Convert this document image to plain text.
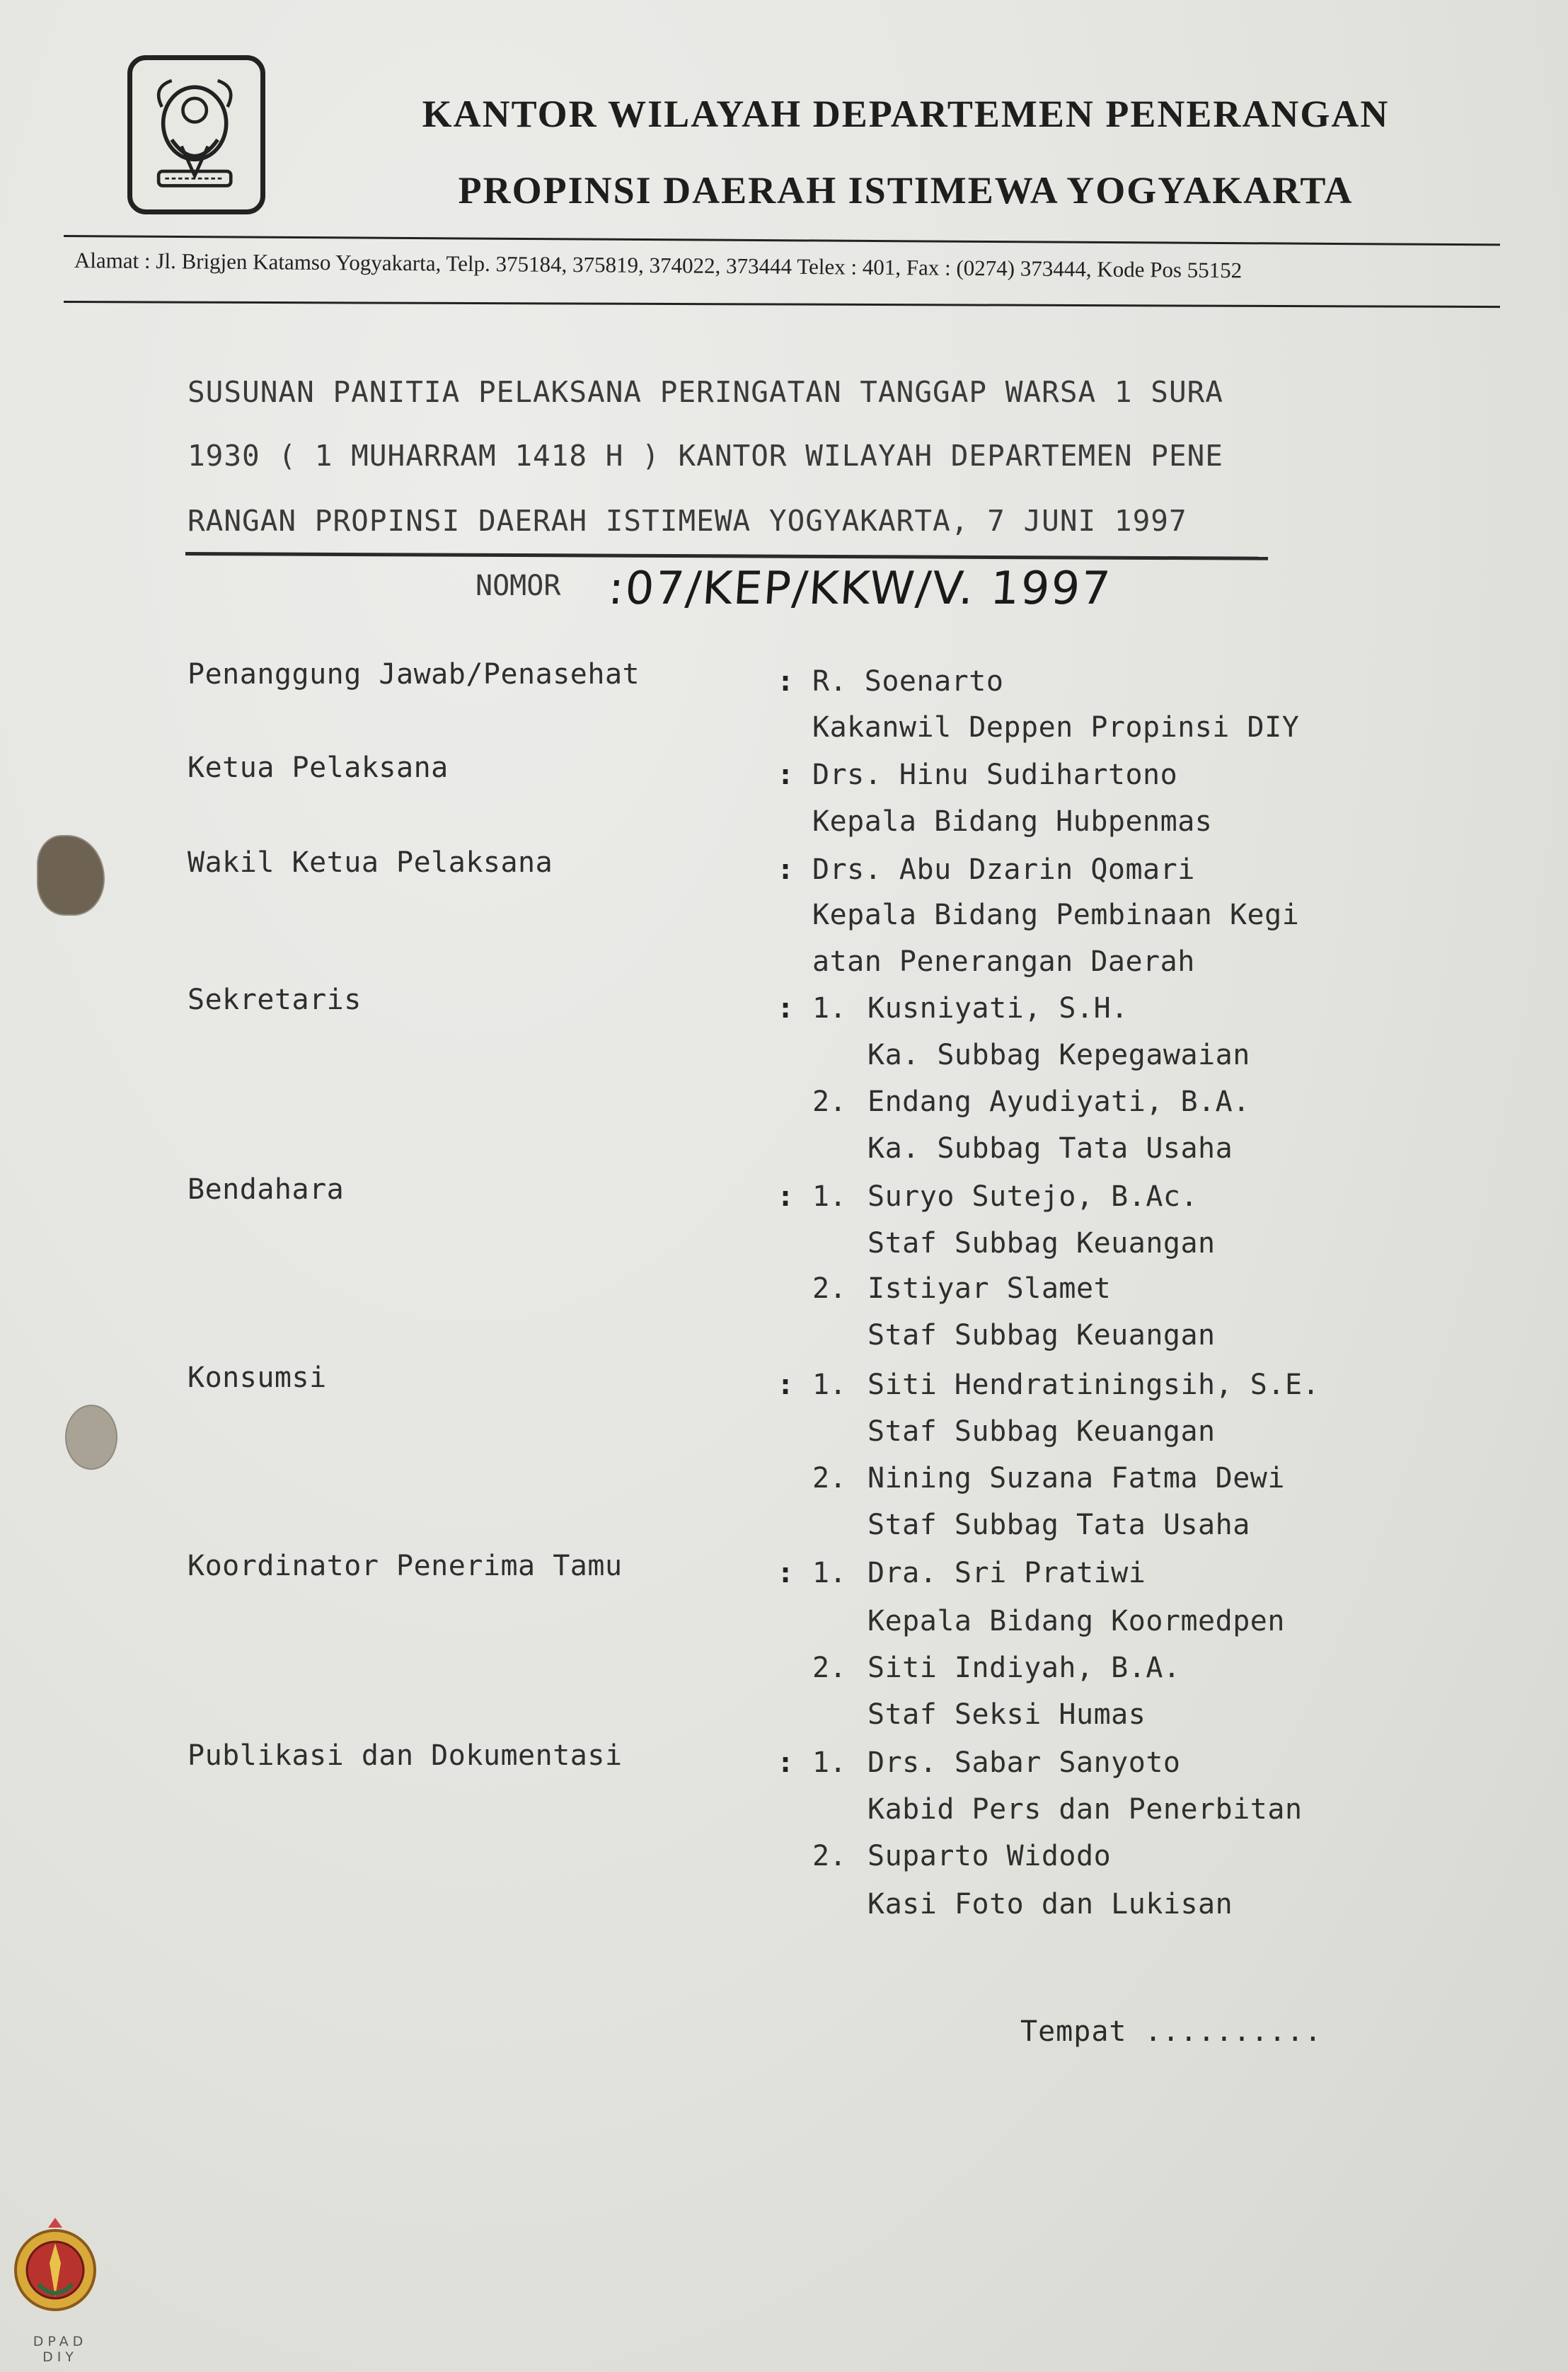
KANTOR WILAYAH DEPARTEMEN PENERANGAN
PROPINSI DAERAH ISTIMEWA YOGYAKARTA
Alamat : Jl. Brigjen Katamso Yogyakarta, Telp. 375184, 375819, 374022, 373444 Telex : 401, Fax : (0274) 373444, Kode Pos 55152
SUSUNAN PANITIA PELAKSANA PERINGATAN TANGGAP WARSA 1 SURA
1930 ( 1 MUHARRAM 1418 H ) KANTOR WILAYAH DEPARTEMEN PENE
RANGAN PROPINSI DAERAH ISTIMEWA YOGYAKARTA, 7 JUNI 1997
NOMOR :07/KEP/KKW/V. 1997
Penanggung Jawab/Penasehat	: R. Soenarto
Kakanwil Deppen Propinsi DIY
Ketua Pelaksana	: Drs. Hinu Sudihartono
Kepala Bidang Hubpenmas
Wakil Ketua Pelaksana	: Drs. Abu Dzarin Qomari
Kepala Bidang Pembinaan Kegi
atan Penerangan Daerah
Sekretaris	: 1. Kusniyati, S.H.
Ka. Subbag Kepegawaian
2. Endang Ayudiyati, B.A.
Ka. Subbag Tata Usaha
Bendahara	: 1. Suryo Sutejo, B.Ac.
Staf Subbag Keuangan
2. Istiyar Slamet
Staf Subbag Keuangan
Konsumsi	: 1. Siti Hendratiningsih, S.E.
Staf Subbag Keuangan
2. Nining Suzana Fatma Dewi
Staf Subbag Tata Usaha
Koordinator Penerima Tamu	: 1. Dra. Sri Pratiwi
Kepala Bidang Koormedpen
2. Siti Indiyah, B.A.
Staf Seksi Humas
Publikasi dan Dokumentasi	: 1. Drs. Sabar Sanyoto
Kabid Pers dan Penerbitan
2. Suparto Widodo
Kasi Foto dan Lukisan
Tempat ..........
DPAD
DIY
